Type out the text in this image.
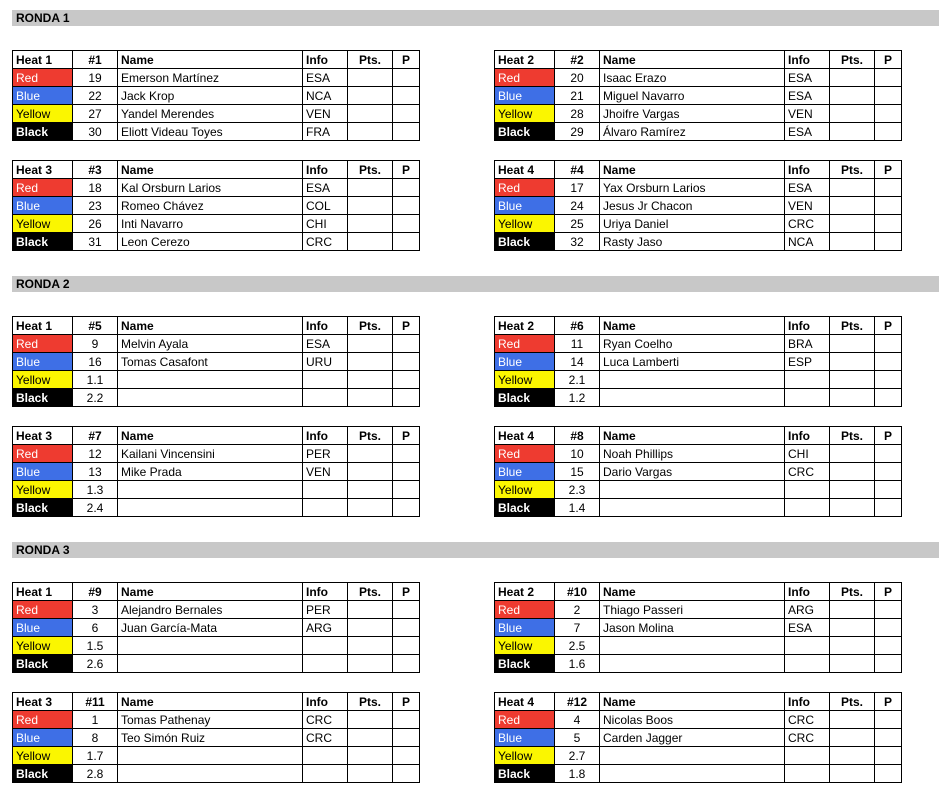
RONDA 1
Heat 1	#1	Name	Info	Pts.	P
Red	19	Emerson Martínez	ESA		
Blue	22	Jack Krop	NCA		
Yellow	27	Yandel Merendes	VEN		
Black	30	Eliott Videau Toyes	FRA		
Heat 2	#2	Name	Info	Pts.	P
Red	20	Isaac Erazo	ESA		
Blue	21	Miguel Navarro	ESA		
Yellow	28	Jhoifre Vargas	VEN		
Black	29	Álvaro Ramírez	ESA		
Heat 3	#3	Name	Info	Pts.	P
Red	18	Kal Orsburn Larios	ESA		
Blue	23	Romeo Chávez	COL		
Yellow	26	Inti Navarro	CHI		
Black	31	Leon Cerezo	CRC		
Heat 4	#4	Name	Info	Pts.	P
Red	17	Yax Orsburn Larios	ESA		
Blue	24	Jesus Jr Chacon	VEN		
Yellow	25	Uriya Daniel	CRC		
Black	32	Rasty Jaso	NCA		
RONDA 2
Heat 1	#5	Name	Info	Pts.	P
Red	9	Melvin Ayala	ESA		
Blue	16	Tomas Casafont	URU		
Yellow	1.1				
Black	2.2				
Heat 2	#6	Name	Info	Pts.	P
Red	11	Ryan Coelho	BRA		
Blue	14	Luca Lamberti	ESP		
Yellow	2.1				
Black	1.2				
Heat 3	#7	Name	Info	Pts.	P
Red	12	Kailani Vincensini	PER		
Blue	13	Mike Prada	VEN		
Yellow	1.3				
Black	2.4				
Heat 4	#8	Name	Info	Pts.	P
Red	10	Noah Phillips	CHI		
Blue	15	Dario Vargas	CRC		
Yellow	2.3				
Black	1.4				
RONDA 3
Heat 1	#9	Name	Info	Pts.	P
Red	3	Alejandro Bernales	PER		
Blue	6	Juan García-Mata	ARG		
Yellow	1.5				
Black	2.6				
Heat 2	#10	Name	Info	Pts.	P
Red	2	Thiago Passeri	ARG		
Blue	7	Jason Molina	ESA		
Yellow	2.5				
Black	1.6				
Heat 3	#11	Name	Info	Pts.	P
Red	1	Tomas Pathenay	CRC		
Blue	8	Teo Simón Ruiz	CRC		
Yellow	1.7				
Black	2.8				
Heat 4	#12	Name	Info	Pts.	P
Red	4	Nicolas Boos	CRC		
Blue	5	Carden Jagger	CRC		
Yellow	2.7				
Black	1.8				
